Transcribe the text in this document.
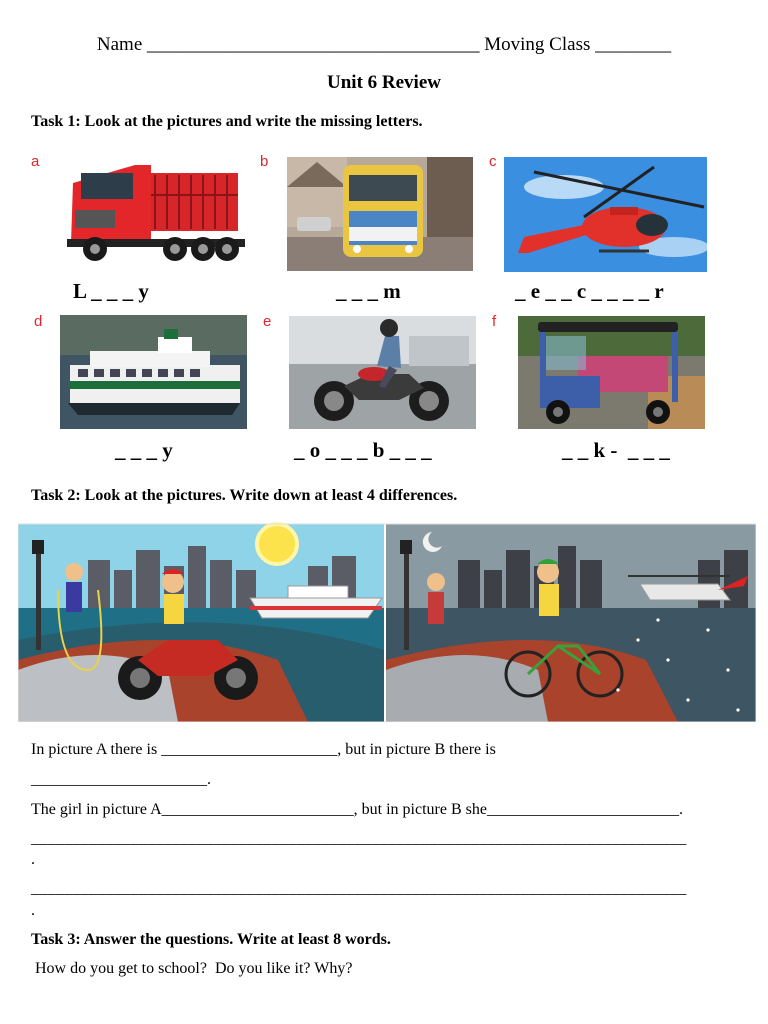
Name ___________________________________ Moving Class ________
Unit 6 Review
Task 1: Look at the pictures and write the missing letters.
a	b	c
L _ _ _ y	_ _ _ m	_ e _ _ c _ _ _ _ r
d	e	f
_ _ _ y	_ o _ _ _ b _ _ _	_ _ k -  _ _ _
Task 2: Look at the pictures. Write down at least 4 differences.
In picture A there is ______________________, but in picture B there is
______________________.
The girl in picture A________________________, but in picture B she________________________.
_______________________________________________________________________________
.
_______________________________________________________________________________
.
Task 3: Answer the questions. Write at least 8 words.
How do you get to school?  Do you like it? Why?
